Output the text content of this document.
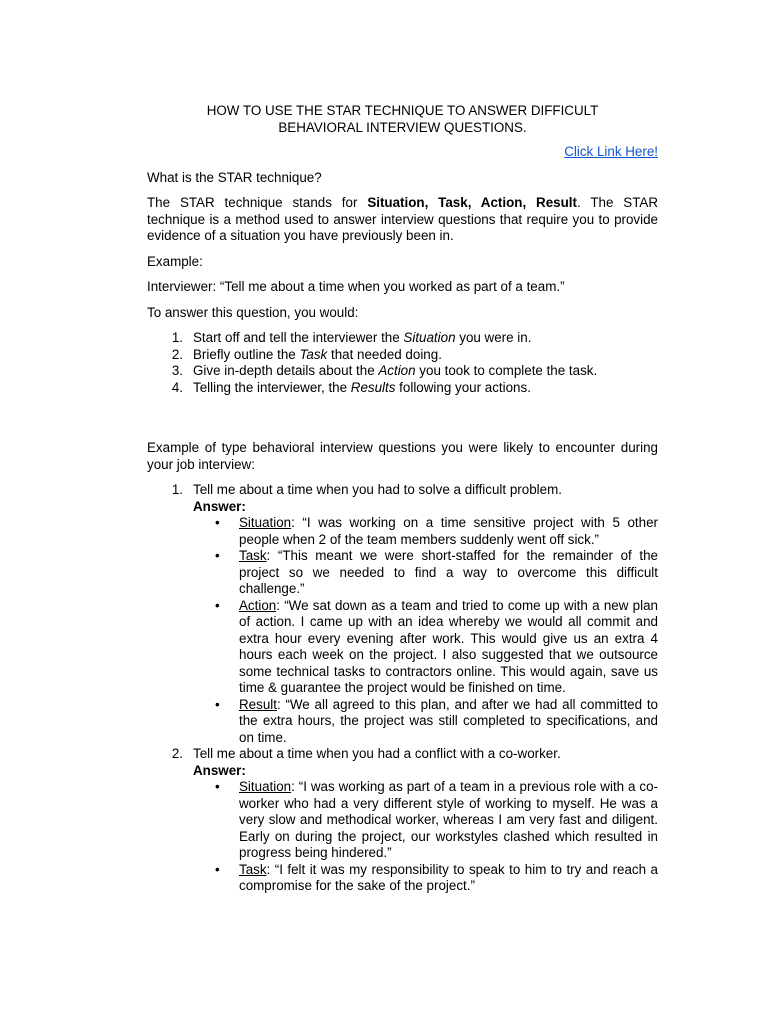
HOW TO USE THE STAR TECHNIQUE TO ANSWER DIFFICULT
BEHAVIORAL INTERVIEW QUESTIONS.
Click Link Here!

What is the STAR technique?

The STAR technique stands for Situation, Task, Action, Result. The STAR technique is a method used to answer interview questions that require you to provide evidence of a situation you have previously been in.

Example:

Interviewer: “Tell me about a time when you worked as part of a team.”

To answer this question, you would:

1. Start off and tell the interviewer the Situation you were in.
2. Briefly outline the Task that needed doing.
3. Give in-depth details about the Action you took to complete the task.
4. Telling the interviewer, the Results following your actions.

Example of type behavioral interview questions you were likely to encounter during your job interview:

1. Tell me about a time when you had to solve a difficult problem.
Answer:
• Situation: “I was working on a time sensitive project with 5 other people when 2 of the team members suddenly went off sick.”
• Task: “This meant we were short-staffed for the remainder of the project so we needed to find a way to overcome this difficult challenge.”
• Action: “We sat down as a team and tried to come up with a new plan of action. I came up with an idea whereby we would all commit and extra hour every evening after work. This would give us an extra 4 hours each week on the project. I also suggested that we outsource some technical tasks to contractors online. This would again, save us time & guarantee the project would be finished on time.
• Result: “We all agreed to this plan, and after we had all committed to the extra hours, the project was still completed to specifications, and on time.
2. Tell me about a time when you had a conflict with a co-worker.
Answer:
• Situation: “I was working as part of a team in a previous role with a co-worker who had a very different style of working to myself. He was a very slow and methodical worker, whereas I am very fast and diligent. Early on during the project, our workstyles clashed which resulted in progress being hindered.”
• Task: “I felt it was my responsibility to speak to him to try and reach a compromise for the sake of the project.”
